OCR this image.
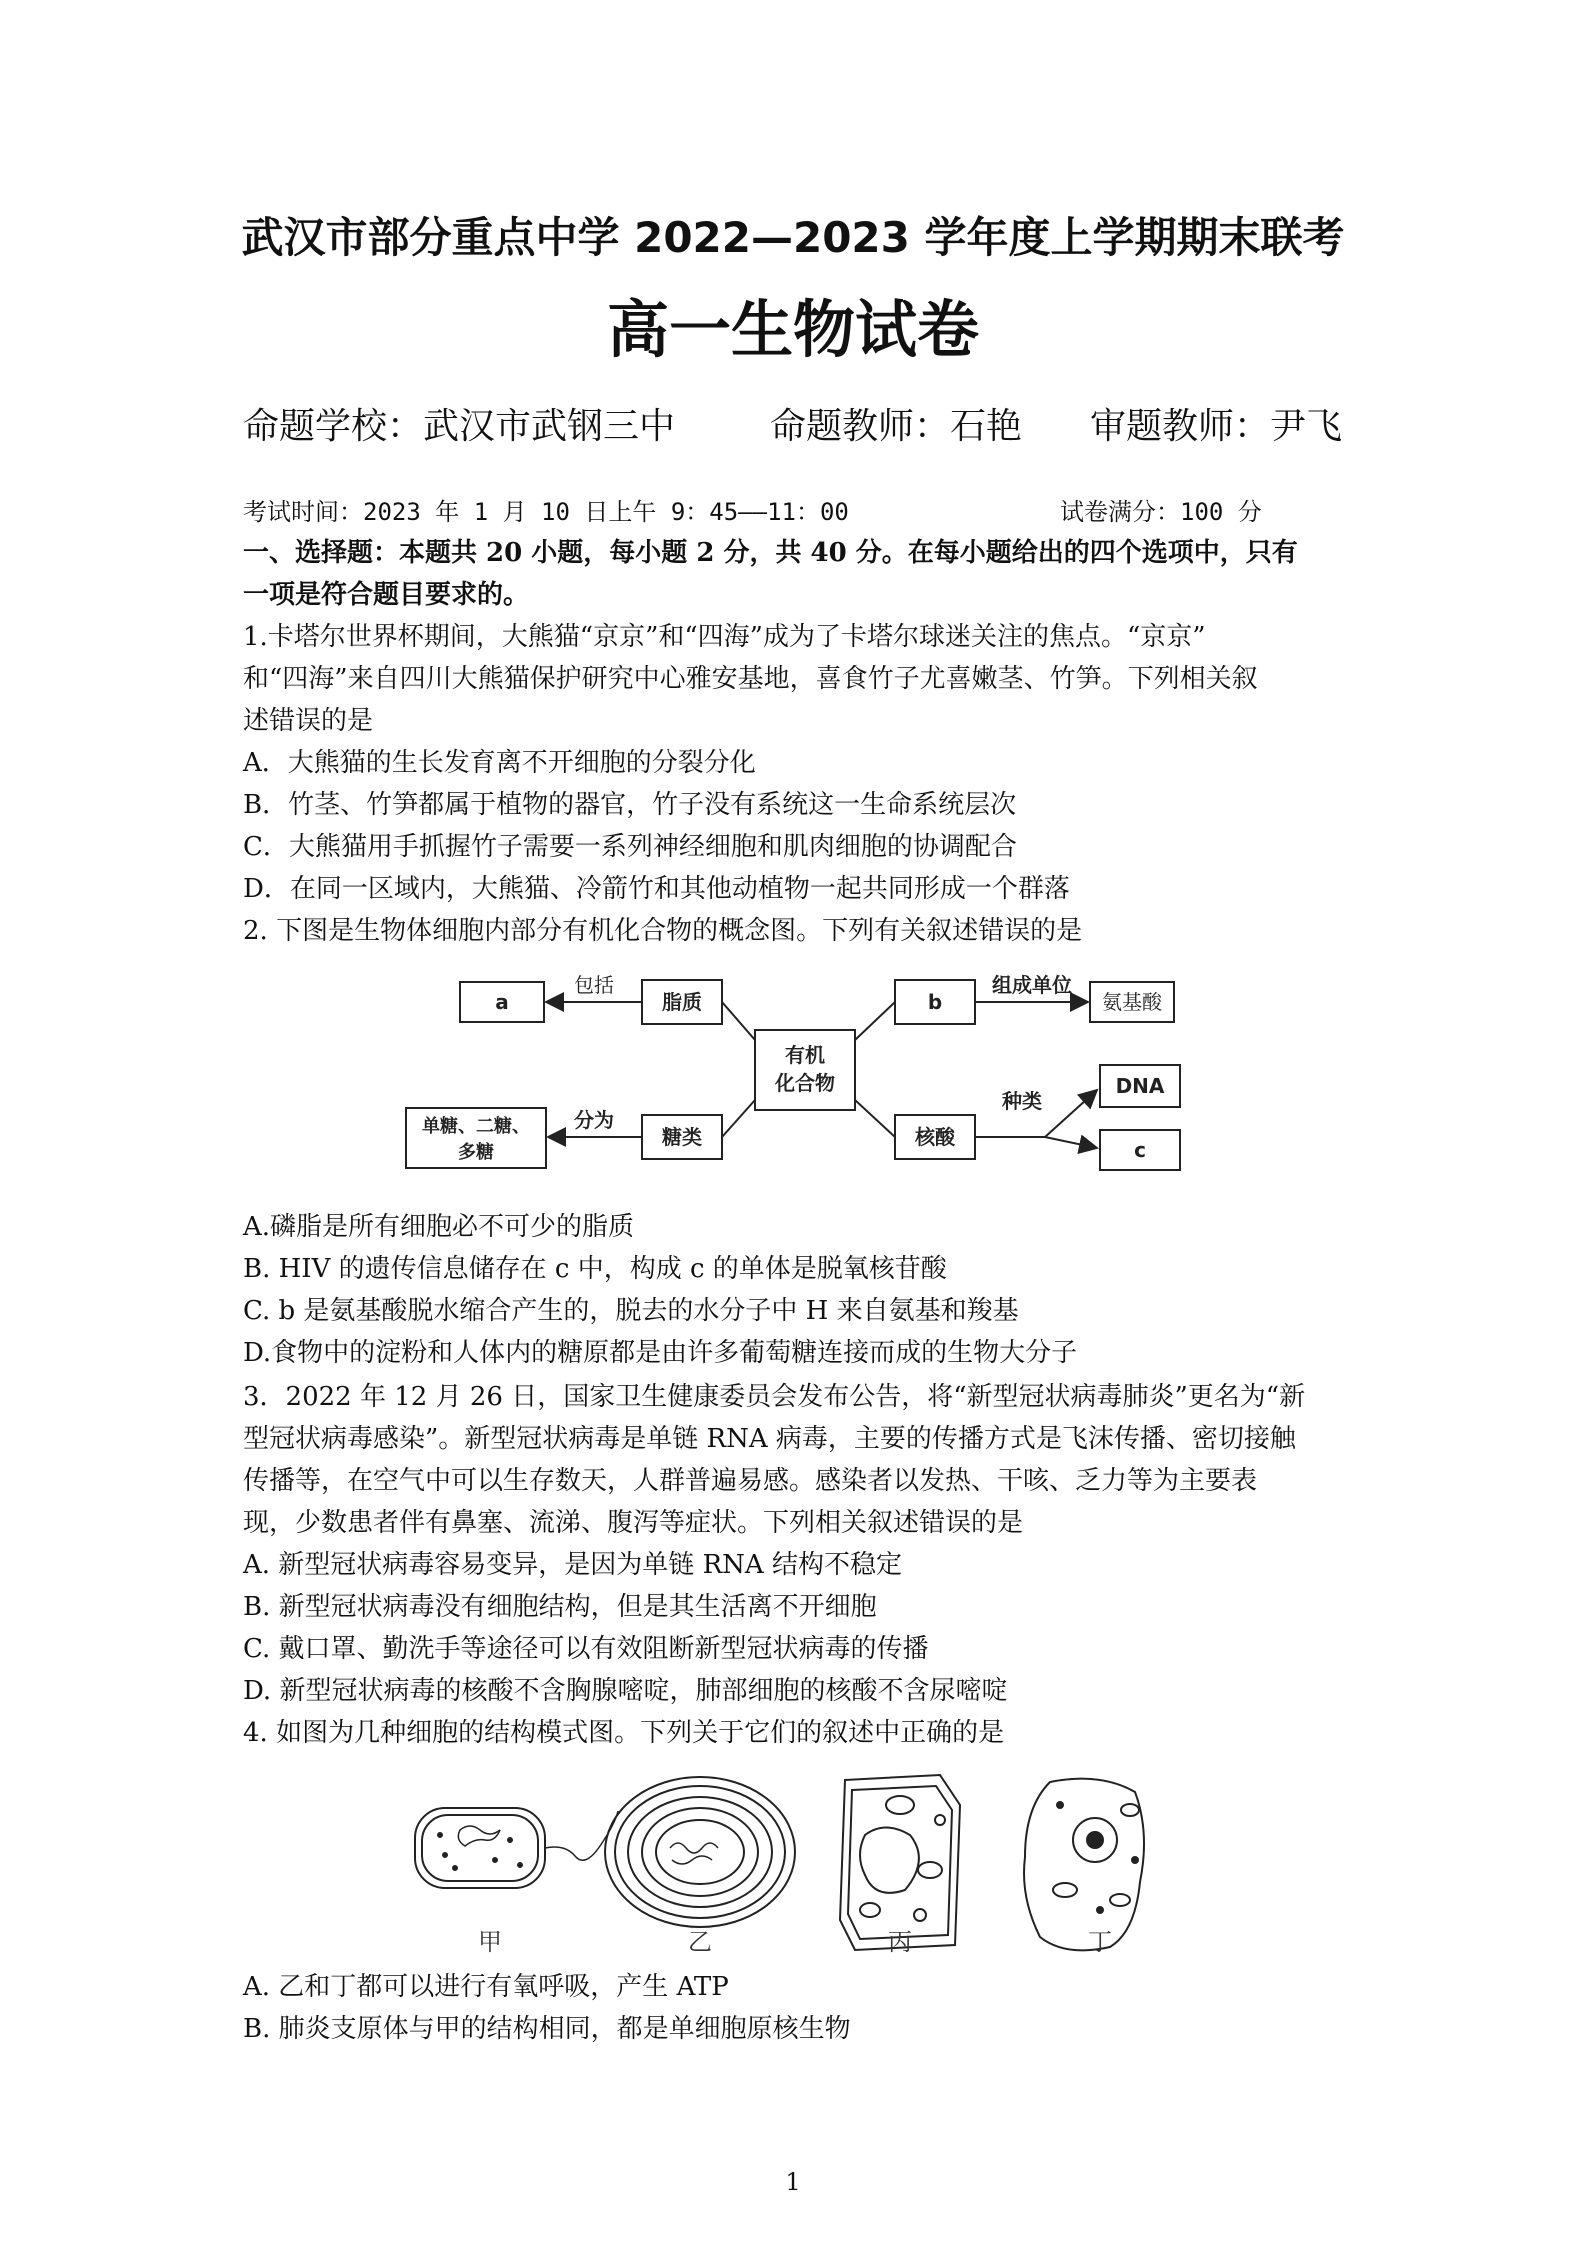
武汉市部分重点中学 2022—2023 学年度上学期期末联考
高一生物试卷
命题学校：武汉市武钢三中	命题教师：石艳 审题教师：尹飞
考试时间：2023 年 1 月 10 日上午 9：45——11：00	试卷满分：100 分
一、选择题：本题共 20 小题，每小题 2 分，共 40 分。在每小题给出的四个选项中，只有
一项是符合题目要求的。
1.卡塔尔世界杯期间，大熊猫“京京”和“四海”成为了卡塔尔球迷关注的焦点。“京京”
和“四海”来自四川大熊猫保护研究中心雅安基地，喜食竹子尤喜嫩茎、竹笋。下列相关叙
述错误的是
A．大熊猫的生长发育离不开细胞的分裂分化
B．竹茎、竹笋都属于植物的器官，竹子没有系统这一生命系统层次
C．大熊猫用手抓握竹子需要一系列神经细胞和肌肉细胞的协调配合
D．在同一区域内，大熊猫、冷箭竹和其他动植物一起共同形成一个群落
2. 下图是生物体细胞内部分有机化合物的概念图。下列有关叙述错误的是
有机
化合物
脂质
a
包括
b	氨基酸
组成单位
糖类
单糖、二糖、
多糖
分为
核酸
DNA
c
种类
A.磷脂是所有细胞必不可少的脂质
B. HIV 的遗传信息储存在 c 中，构成 c 的单体是脱氧核苷酸
C. b 是氨基酸脱水缩合产生的，脱去的水分子中 H 来自氨基和羧基
D.食物中的淀粉和人体内的糖原都是由许多葡萄糖连接而成的生物大分子
3．2022 年 12 月 26 日，国家卫生健康委员会发布公告，将“新型冠状病毒肺炎”更名为“新
型冠状病毒感染”。新型冠状病毒是单链 RNA 病毒，主要的传播方式是飞沫传播、密切接触
传播等，在空气中可以生存数天，人群普遍易感。感染者以发热、干咳、乏力等为主要表
现，少数患者伴有鼻塞、流涕、腹泻等症状。下列相关叙述错误的是
A. 新型冠状病毒容易变异，是因为单链 RNA 结构不稳定
B. 新型冠状病毒没有细胞结构，但是其生活离不开细胞
C. 戴口罩、勤洗手等途径可以有效阻断新型冠状病毒的传播
D. 新型冠状病毒的核酸不含胸腺嘧啶，肺部细胞的核酸不含尿嘧啶
4. 如图为几种细胞的结构模式图。下列关于它们的叙述中正确的是
甲	乙	丙	丁
A. 乙和丁都可以进行有氧呼吸，产生 ATP
B. 肺炎支原体与甲的结构相同，都是单细胞原核生物
1
